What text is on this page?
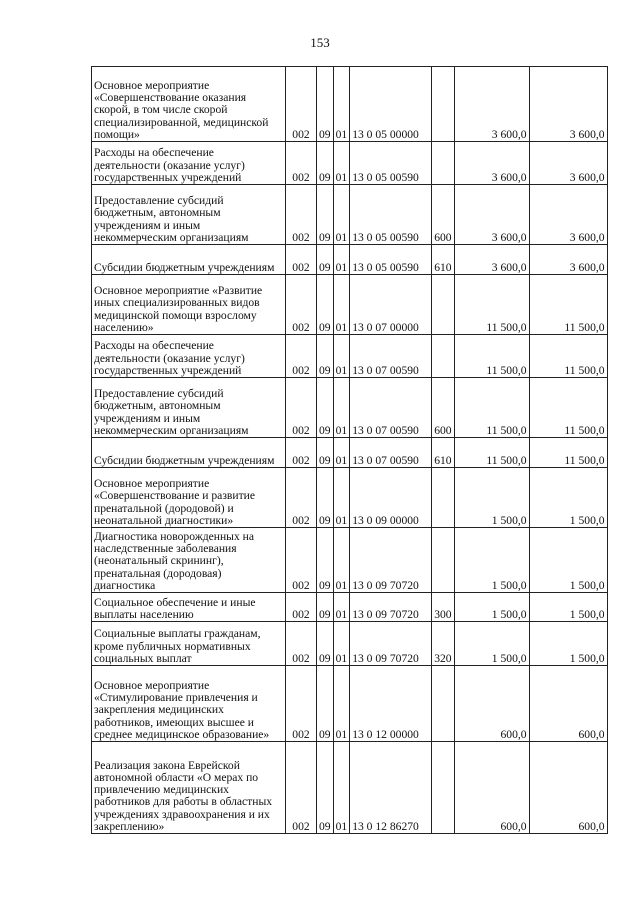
153
Основное мероприятие «Совершенствование оказания скорой, в том числе скорой специализированной, медицинской помощи»	002	09	01	13 0 05 00000		3 600,0	3 600,0
Расходы на обеспечение деятельности (оказание услуг) государственных учреждений	002	09	01	13 0 05 00590		3 600,0	3 600,0
Предоставление субсидий бюджетным, автономным учреждениям и иным некоммерческим организациям	002	09	01	13 0 05 00590	600	3 600,0	3 600,0
Субсидии бюджетным учреждениям	002	09	01	13 0 05 00590	610	3 600,0	3 600,0
Основное мероприятие «Развитие иных специализированных видов медицинской помощи взрослому населению»	002	09	01	13 0 07 00000		11 500,0	11 500,0
Расходы на обеспечение деятельности (оказание услуг) государственных учреждений	002	09	01	13 0 07 00590		11 500,0	11 500,0
Предоставление субсидий бюджетным, автономным учреждениям и иным некоммерческим организациям	002	09	01	13 0 07 00590	600	11 500,0	11 500,0
Субсидии бюджетным учреждениям	002	09	01	13 0 07 00590	610	11 500,0	11 500,0
Основное мероприятие «Совершенствование и развитие пренатальной (дородовой) и неонатальной диагностики»	002	09	01	13 0 09 00000		1 500,0	1 500,0
Диагностика новорожденных на наследственные заболевания (неонатальный скрининг), пренатальная (дородовая) диагностика	002	09	01	13 0 09 70720		1 500,0	1 500,0
Социальное обеспечение и иные выплаты населению	002	09	01	13 0 09 70720	300	1 500,0	1 500,0
Социальные выплаты гражданам, кроме публичных нормативных социальных выплат	002	09	01	13 0 09 70720	320	1 500,0	1 500,0
Основное мероприятие «Стимулирование привлечения и закрепления медицинских работников, имеющих высшее и среднее медицинское образование»	002	09	01	13 0 12 00000		600,0	600,0
Реализация закона Еврейской автономной области «О мерах по привлечению медицинских работников для работы в областных учреждениях здравоохранения и их закреплению»	002	09	01	13 0 12 86270		600,0	600,0
